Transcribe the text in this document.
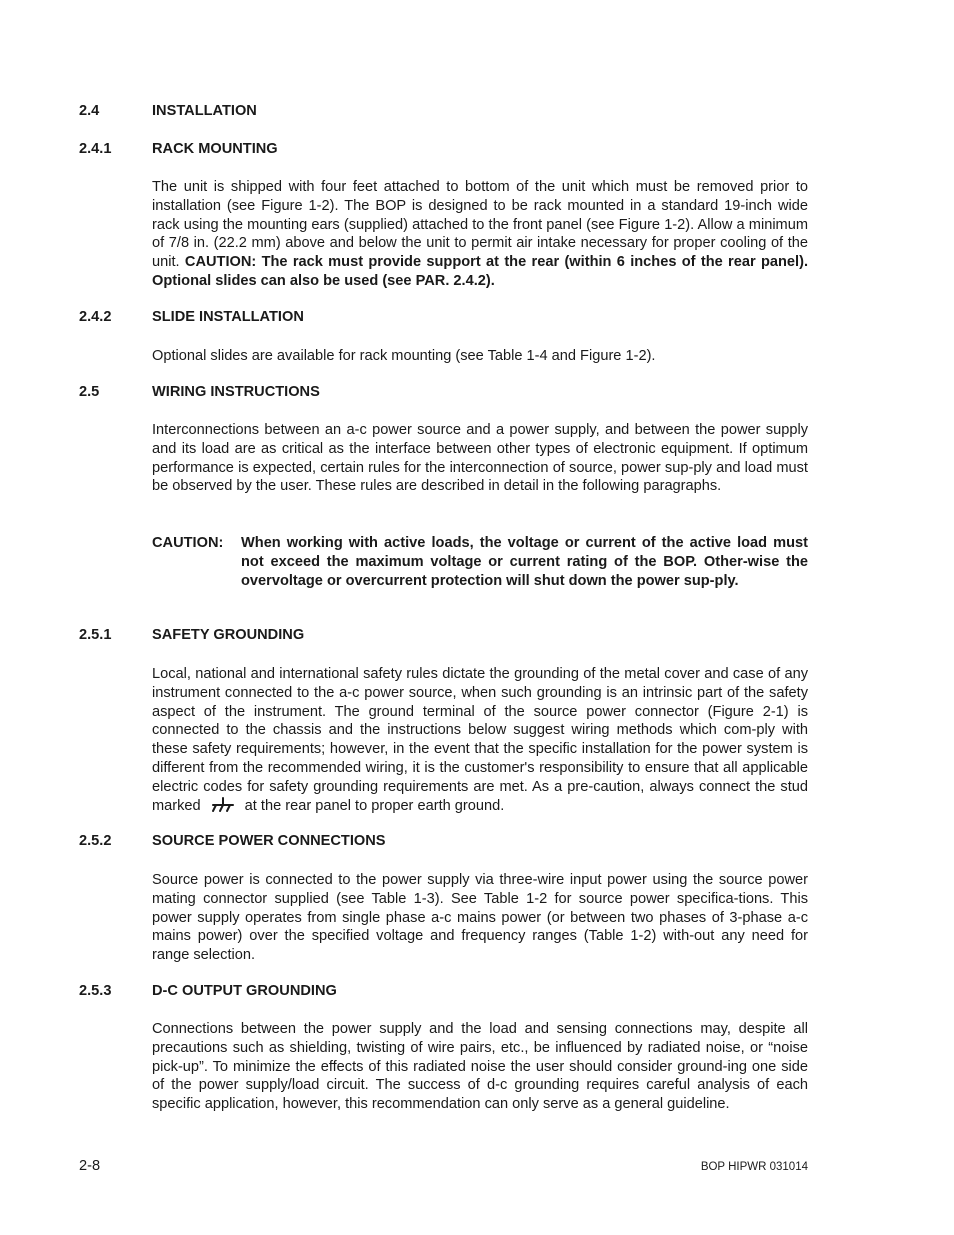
2.4	INSTALLATION
2.4.1	RACK MOUNTING

The unit is shipped with four feet attached to bottom of the unit which must be removed prior to installation (see Figure 1-2). The BOP is designed to be rack mounted in a standard 19-inch wide rack using the mounting ears (supplied) attached to the front panel (see Figure 1-2). Allow a minimum of 7/8 in. (22.2 mm) above and below the unit to permit air intake necessary for proper cooling of the unit. CAUTION: The rack must provide support at the rear (within 6 inches of the rear panel). Optional slides can also be used (see PAR. 2.4.2).

2.4.2	SLIDE INSTALLATION

Optional slides are available for rack mounting (see Table 1-4 and Figure 1-2).

2.5	WIRING INSTRUCTIONS

Interconnections between an a-c power source and a power supply, and between the power supply and its load are as critical as the interface between other types of electronic equipment. If optimum performance is expected, certain rules for the interconnection of source, power sup-ply and load must be observed by the user. These rules are described in detail in the following paragraphs.

CAUTION: When working with active loads, the voltage or current of the active load must not exceed the maximum voltage or current rating of the BOP. Other-wise the overvoltage or overcurrent protection will shut down the power sup-ply.
2.5.1	SAFETY GROUNDING

Local, national and international safety rules dictate the grounding of the metal cover and case of any instrument connected to the a-c power source, when such grounding is an intrinsic part of the safety aspect of the instrument. The ground terminal of the source power connector (Figure 2-1) is connected to the chassis and the instructions below suggest wiring methods which com-ply with these safety requirements; however, in the event that the specific installation for the power system is different from the recommended wiring, it is the customer's responsibility to ensure that all applicable electric codes for safety grounding requirements are met. As a pre-caution, always connect the stud marked	at the rear panel to proper earth ground.

2.5.2	SOURCE POWER CONNECTIONS

Source power is connected to the power supply via three-wire input power using the source power mating connector supplied (see Table 1-3). See Table 1-2 for source power specifica-tions. This power supply operates from single phase a-c mains power (or between two phases of 3-phase a-c mains power) over the specified voltage and frequency ranges (Table 1-2) with-out any need for range selection.

2.5.3	D-C OUTPUT GROUNDING

Connections between the power supply and the load and sensing connections may, despite all precautions such as shielding, twisting of wire pairs, etc., be influenced by radiated noise, or “noise pick-up”. To minimize the effects of this radiated noise the user should consider ground-ing one side of the power supply/load circuit. The success of d-c grounding requires careful analysis of each specific application, however, this recommendation can only serve as a general guideline.

2-8	BOP HIPWR 031014
